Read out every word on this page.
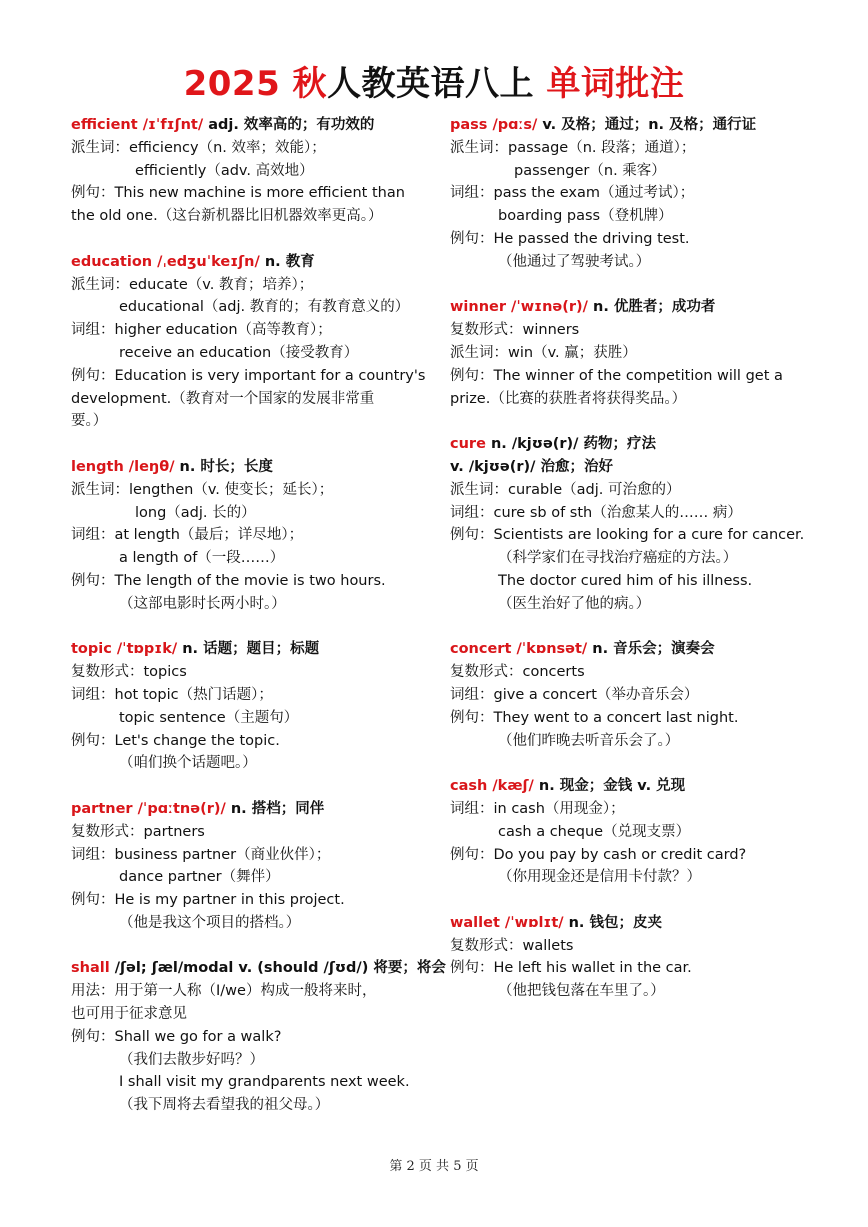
2025 秋人教英语八上 单词批注
efficient /ɪˈfɪʃnt/ adj. 效率高的；有功效的
派生词：efficiency（n. 效率；效能）；
efficiently（adv. 高效地）
例句：This new machine is more efficient than
the old one.（这台新机器比旧机器效率更高。）
education /ˌedʒuˈkeɪʃn/ n. 教育
派生词：educate（v. 教育；培养）；
educational（adj. 教育的；有教育意义的）
词组：higher education（高等教育）；
receive an education（接受教育）
例句：Education is very important for a country's
development.（教育对一个国家的发展非常重
要。）
length /leŋθ/ n. 时长；长度
派生词：lengthen（v. 使变长；延长）；
long（adj. 长的）
词组：at length（最后；详尽地）；
a length of（一段……）
例句：The length of the movie is two hours.
（这部电影时长两小时。）
topic /ˈtɒpɪk/ n. 话题；题目；标题
复数形式：topics
词组：hot topic（热门话题）；
topic sentence（主题句）
例句：Let's change the topic.
（咱们换个话题吧。）
partner /ˈpɑːtnə(r)/ n. 搭档；同伴
复数形式：partners
词组：business partner（商业伙伴）；
dance partner（舞伴）
例句：He is my partner in this project.
（他是我这个项目的搭档。）
shall /ʃəl; ʃæl/modal v. (should /ʃʊd/) 将要；将会
用法：用于第一人称（I/we）构成一般将来时，
也可用于征求意见
例句：Shall we go for a walk?
（我们去散步好吗？）
I shall visit my grandparents next week.
（我下周将去看望我的祖父母。）
pass /pɑːs/ v. 及格；通过；n. 及格；通行证
派生词：passage（n. 段落；通道）；
passenger（n. 乘客）
词组：pass the exam（通过考试）；
boarding pass（登机牌）
例句：He passed the driving test.
（他通过了驾驶考试。）
winner /ˈwɪnə(r)/ n. 优胜者；成功者
复数形式：winners
派生词：win（v. 赢；获胜）
例句：The winner of the competition will get a
prize.（比赛的获胜者将获得奖品。）
cure n. /kjʊə(r)/ 药物；疗法
v. /kjʊə(r)/ 治愈；治好
派生词：curable（adj. 可治愈的）
词组：cure sb of sth（治愈某人的…… 病）
例句：Scientists are looking for a cure for cancer.
（科学家们在寻找治疗癌症的方法。）
The doctor cured him of his illness.
（医生治好了他的病。）
concert /ˈkɒnsət/ n. 音乐会；演奏会
复数形式：concerts
词组：give a concert（举办音乐会）
例句：They went to a concert last night.
（他们昨晚去听音乐会了。）
cash /kæʃ/ n. 现金；金钱 v. 兑现
词组：in cash（用现金）；
cash a cheque（兑现支票）
例句：Do you pay by cash or credit card?
（你用现金还是信用卡付款？）
wallet /ˈwɒlɪt/ n. 钱包；皮夹
复数形式：wallets
例句：He left his wallet in the car.
（他把钱包落在车里了。）
第 2 页 共 5 页
